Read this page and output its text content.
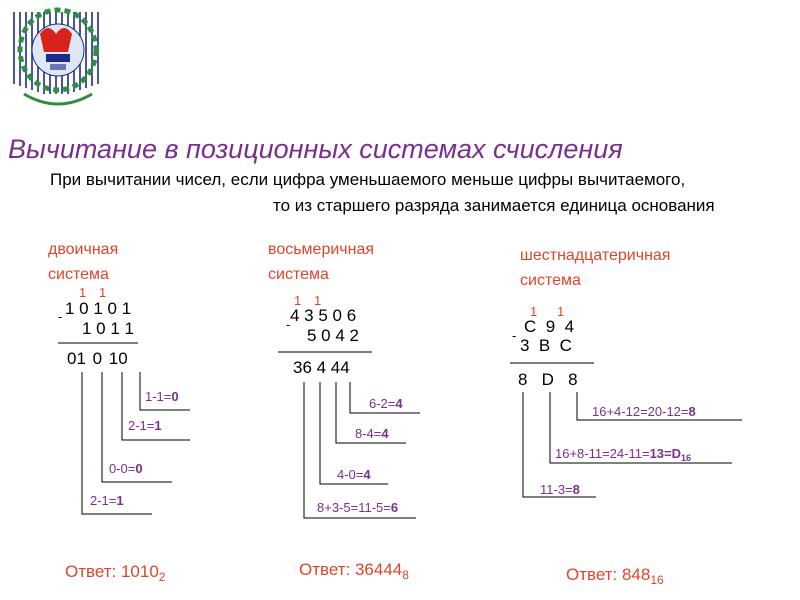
Вычитание в позиционных системах счисления
При вычитании чисел, если цифра уменьшаемого меньше цифры вычитаемого,
то из старшего разряда занимается единица основания
двоичная
система
1 1
- 1 0 1 0 1
1 0 1 1
01 0 10
1-1=0
2-1=1
0-0=0
2-1=1
Ответ: $1010_2$
восьмеричная
система
1 1
- 4 3 5 0 6
5 0 4 2
36 4 44
6-2=4
8-4=4
4-0=4
8+3-5=11-5=6
Ответ: $36444_8$
шестнадцатеричная
система
1 1
- C  9  4
3  B  C
8   D   8
16+4-12=20-12=8
$16+8-11=24-11=13=D_{16}$
11-3=8
Ответ: $848_{16}$
